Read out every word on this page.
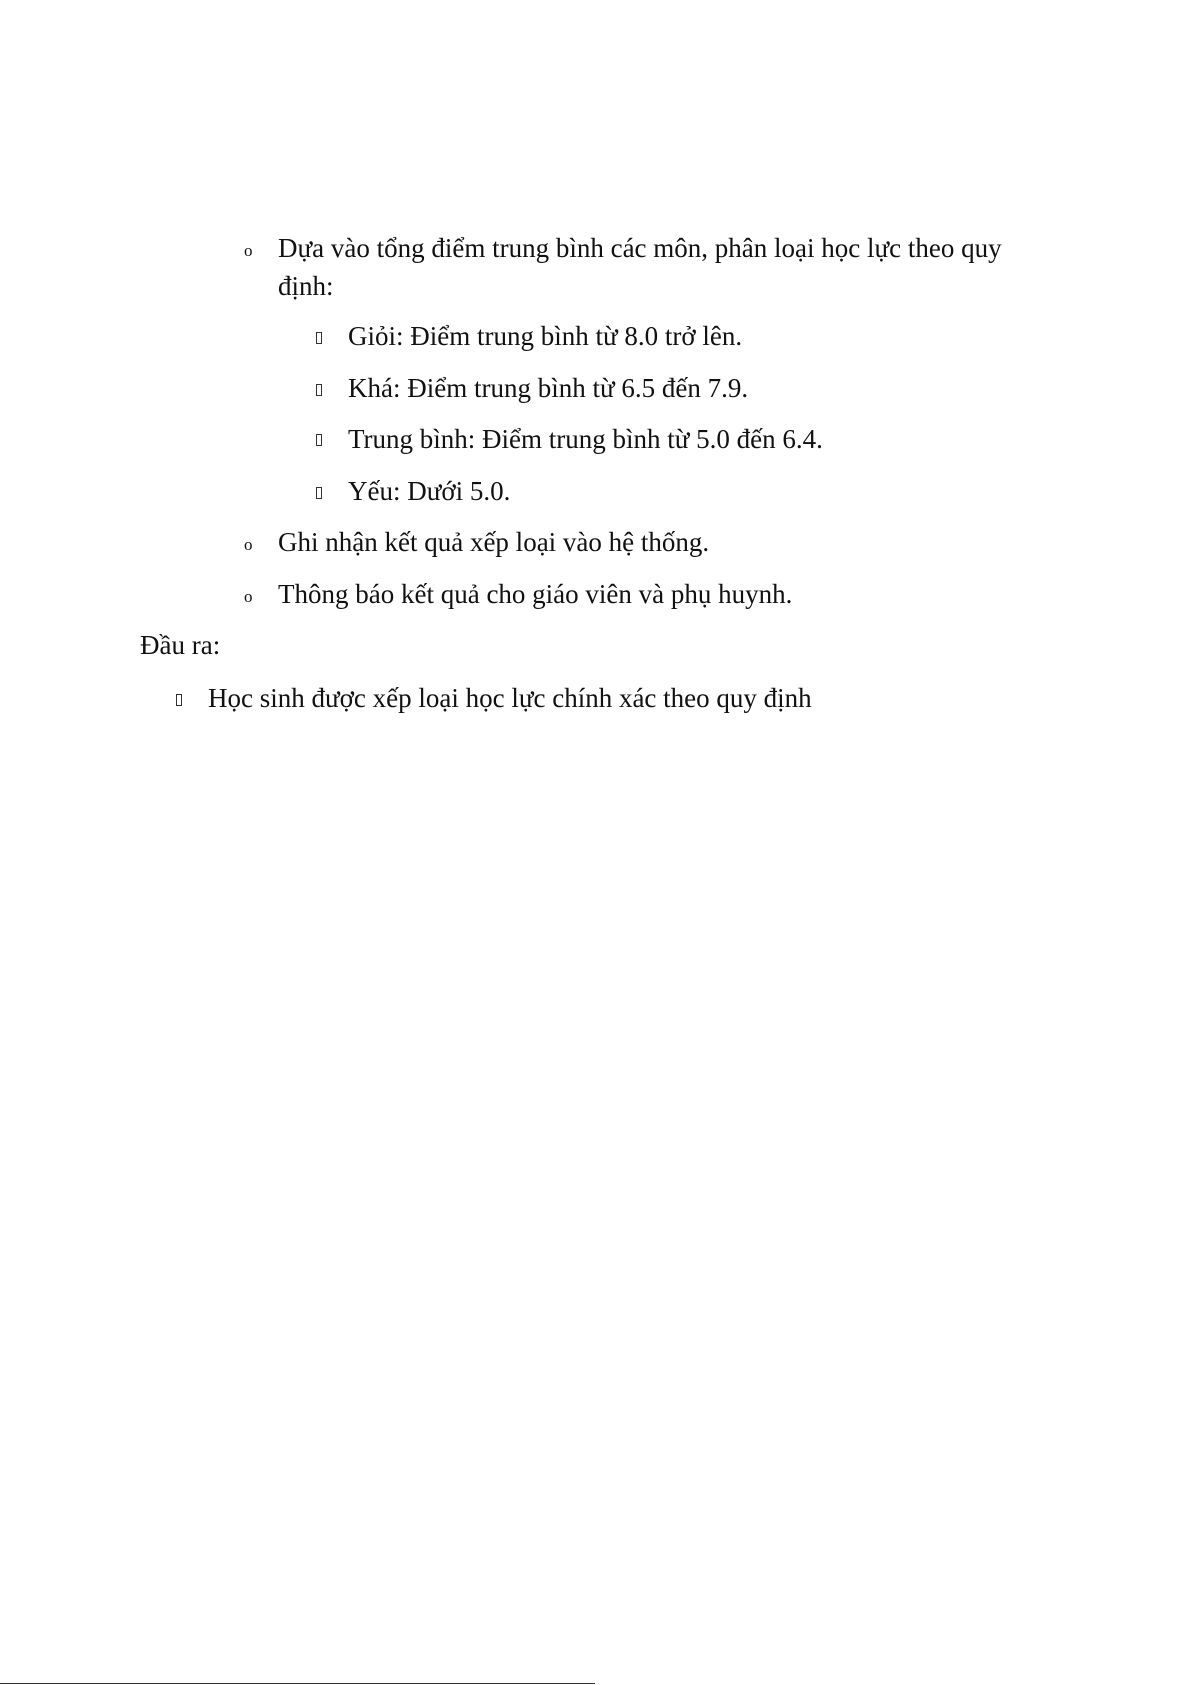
o Dựa vào tổng điểm trung bình các môn, phân loại học lực theo quy
định:
Giỏi: Điểm trung bình từ 8.0 trở lên.
Khá: Điểm trung bình từ 6.5 đến 7.9.
Trung bình: Điểm trung bình từ 5.0 đến 6.4.
Yếu: Dưới 5.0.
o Ghi nhận kết quả xếp loại vào hệ thống.
o Thông báo kết quả cho giáo viên và phụ huynh.
Đầu ra:
Học sinh được xếp loại học lực chính xác theo quy định
